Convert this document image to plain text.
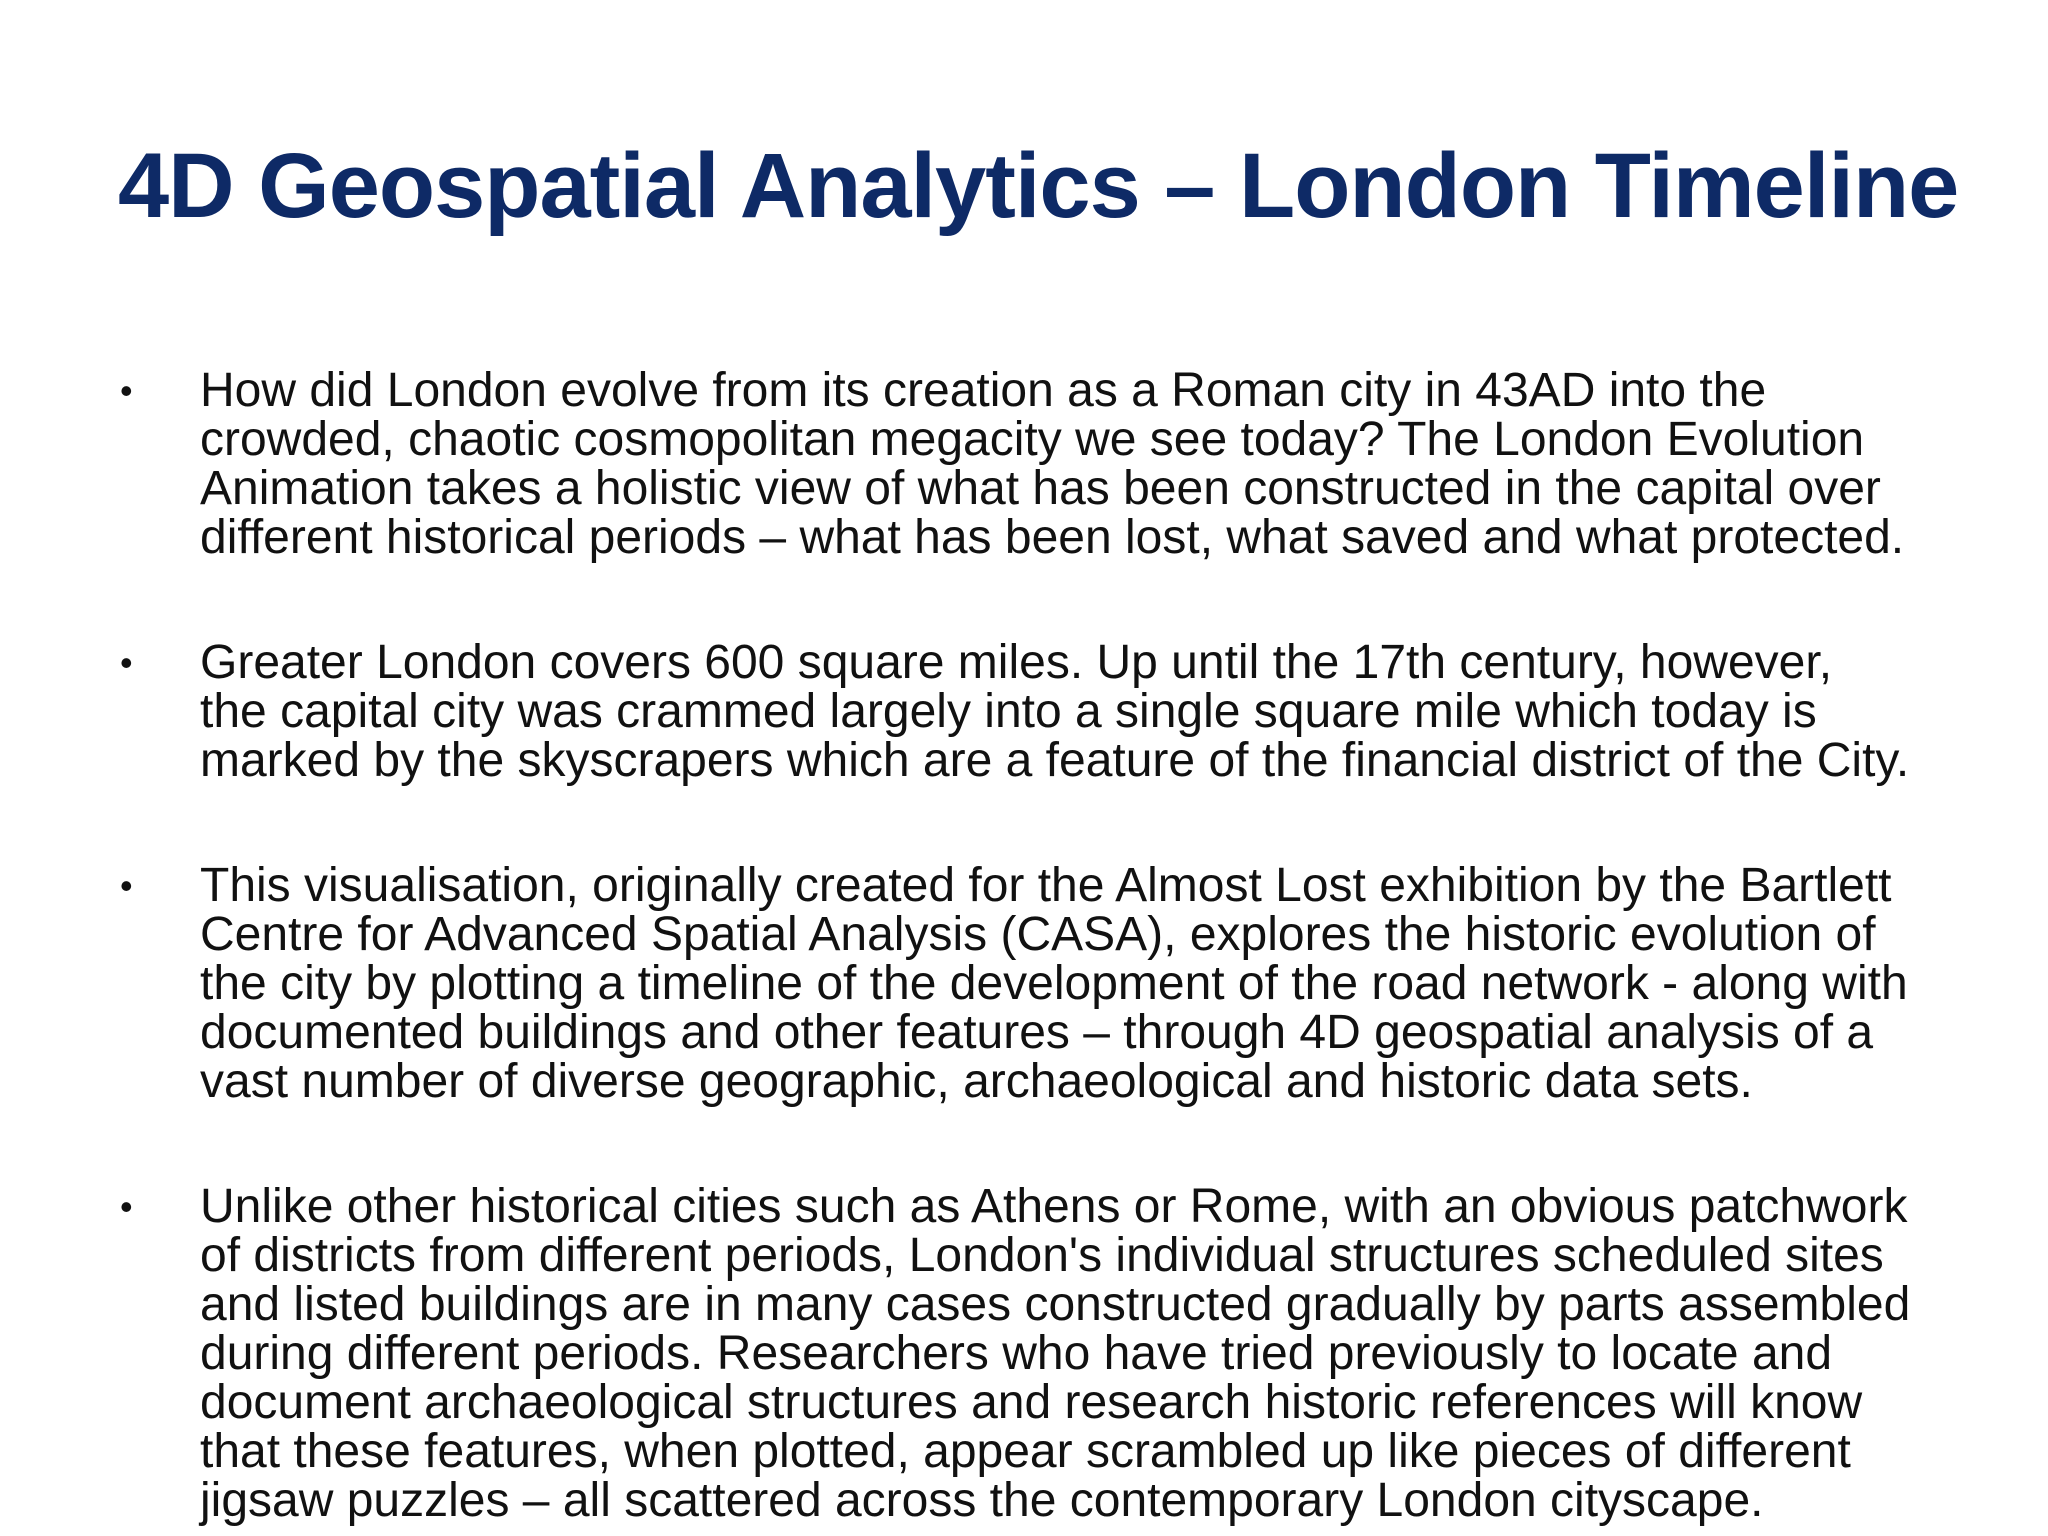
4D Geospatial Analytics – London Timeline
•	How did London evolve from its creation as a Roman city in 43AD into the
crowded, chaotic cosmopolitan megacity we see today? The London Evolution
Animation takes a holistic view of what has been constructed in the capital over
different historical periods – what has been lost, what saved and what protected.
•	Greater London covers 600 square miles. Up until the 17th century, however,
the capital city was crammed largely into a single square mile which today is
marked by the skyscrapers which are a feature of the financial district of the City.
•	This visualisation, originally created for the Almost Lost exhibition by the Bartlett
Centre for Advanced Spatial Analysis (CASA), explores the historic evolution of
the city by plotting a timeline of the development of the road network - along with
documented buildings and other features – through 4D geospatial analysis of a
vast number of diverse geographic, archaeological and historic data sets.
•	Unlike other historical cities such as Athens or Rome, with an obvious patchwork
of districts from different periods, London's individual structures scheduled sites
and listed buildings are in many cases constructed gradually by parts assembled
during different periods. Researchers who have tried previously to locate and
document archaeological structures and research historic references will know
that these features, when plotted, appear scrambled up like pieces of different
jigsaw puzzles – all scattered across the contemporary London cityscape.
